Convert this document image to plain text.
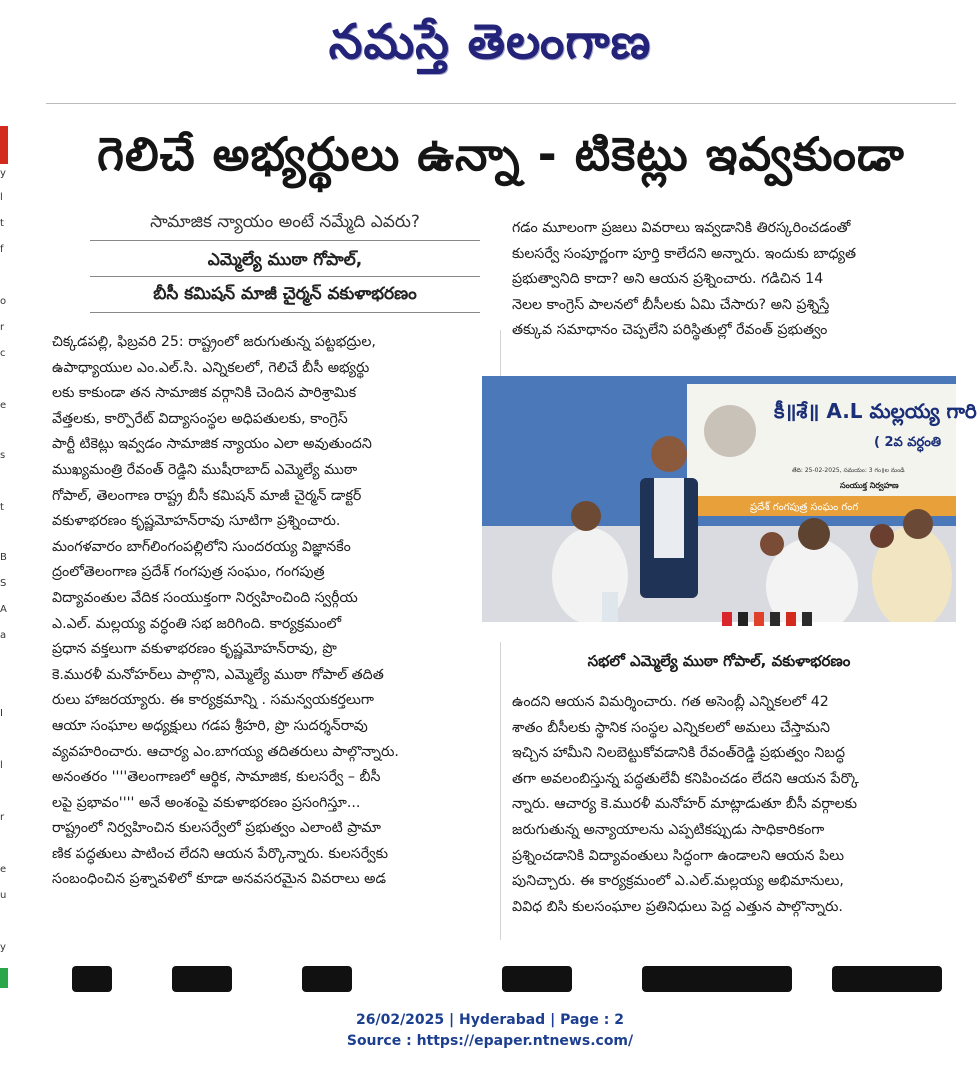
నమస్తే తెలంగాణ
y
l
t
f
o
r
c
e
s
t
B
S
A
a
I
l
r
e
u
y
గెలిచే అభ్యర్థులు ఉన్నా - టికెట్లు ఇవ్వకుండా
సామాజిక న్యాయం అంటే నమ్మేది ఎవరు?
ఎమ్మెల్యే ముఠా గోపాల్,
బీసీ కమిషన్ మాజీ చైర్మన్ వకుళాభరణం

చిక్కడపల్లి, ఫిబ్రవరి 25: రాష్ట్రంలో జరుగుతున్న పట్టభద్రుల,

ఉపాధ్యాయుల ఎం.ఎల్.సి. ఎన్నికలలో, గెలిచే బీసీ అభ్యర్థు

లకు కాకుండా తన సామాజిక వర్గానికి చెందిన పారిశ్రామిక

వేత్తలకు, కార్పొరేట్ విద్యాసంస్థల అధిపతులకు, కాంగ్రెస్

పార్టీ టికెట్లు ఇవ్వడం సామాజిక న్యాయం ఎలా అవుతుందని

ముఖ్యమంత్రి రేవంత్ రెడ్డిని ముషీరాబాద్ ఎమ్మెల్యే ముఠా

గోపాల్, తెలంగాణ రాష్ట్ర బీసీ కమిషన్ మాజీ చైర్మన్ డాక్టర్

వకుళాభరణం కృష్ణమోహన్‌రావు సూటిగా ప్రశ్నించారు.

మంగళవారం బాగ్‌లింగంపల్లిలోని సుందరయ్య విజ్ఞానకేం

ద్రంలోతెలంగాణ ప్రదేశ్ గంగపుత్ర సంఘం, గంగపుత్ర

విద్యావంతుల వేదిక సంయుక్తంగా నిర్వహించింది స్వర్గీయ

ఎ.ఎల్. మల్లయ్య వర్ధంతి సభ జరిగింది. కార్యక్రమంలో

ప్రధాన వక్తలుగా వకుళాభరణం కృష్ణమోహన్‌రావు, ప్రొ

కె.మురళీ మనోహర్‌లు పాల్గొని, ఎమ్మెల్యే ముఠా గోపాల్ తదిత

రులు హాజరయ్యారు. ఈ కార్యక్రమాన్ని . సమన్వయకర్తలుగా

ఆయా సంఘాల అధ్యక్షులు గడప శ్రీహరి, ప్రొ సుదర్శన్‌రావు

వ్యవహరించారు. ఆచార్య ఎం.బాగయ్య తదితరులు పాల్గొన్నారు.

అనంతరం ''''తెలంగాణలో ఆర్థిక, సామాజిక, కులసర్వే – బీసీ

లపై ప్రభావం'''' అనే అంశంపై వకుళాభరణం ప్రసంగిస్తూ...

రాష్ట్రంలో నిర్వహించిన కులసర్వేలో ప్రభుత్వం ఎలాంటి ప్రామా

ణిక పద్ధతులు పాటించ లేదని ఆయన పేర్కొన్నారు. కులసర్వేకు

సంబంధించిన ప్రశ్నావళిలో కూడా అనవసరమైన వివరాలు అడ

గడం మూలంగా ప్రజలు వివరాలు ఇవ్వడానికి తిరస్కరించడంతో

కులసర్వే సంపూర్ణంగా పూర్తి కాలేదని అన్నారు. ఇందుకు బాధ్యత

ప్రభుత్వానిది కాదా? అని ఆయన ప్రశ్నించారు. గడిచిన 14

నెలల కాంగ్రెస్ పాలనలో బీసీలకు ఏమి చేసారు? అని ప్రశ్నిస్తే

తక్కువ సమాధానం చెప్పలేని పరిస్థితుల్లో రేవంత్ ప్రభుత్వం

కీ॥శే॥ A.L మల్లయ్య గారి
( 2వ వర్ధంతి
తేది: 25-02-2025, సమయం: 3 గం॥ల నుండి
సంయుక్త నిర్వహణ
ప్రదేశ్ గంగపుత్ర సంఘం గంగ
సభలో ఎమ్మెల్యే ముఠా గోపాల్, వకుళాభరణం

ఉందని ఆయన విమర్శించారు. గత అసెంబ్లీ ఎన్నికలలో 42

శాతం బీసీలకు స్థానిక సంస్థల ఎన్నికలలో అమలు చేస్తామని

ఇచ్చిన హామీని నిలబెట్టుకోవడానికి రేవంత్‌రెడ్డి ప్రభుత్వం నిబద్ధ

తగా అవలంబిస్తున్న పద్ధతులేవీ కనిపించడం లేదని ఆయన పేర్కొ

న్నారు. ఆచార్య కె.మురళీ మనోహర్ మాట్లాడుతూ బీసీ వర్గాలకు

జరుగుతున్న అన్యాయాలను ఎప్పటికప్పుడు సాధికారికంగా

ప్రశ్నించడానికి విద్యావంతులు సిద్ధంగా ఉండాలని ఆయన పిలు

పునిచ్చారు. ఈ కార్యక్రమంలో ఎ.ఎల్.మల్లయ్య అభిమానులు,

వివిధ బిసి కులసంఘాల ప్రతినిధులు పెద్ద ఎత్తున పాల్గొన్నారు.

26/02/2025 | Hyderabad | Page : 2
Source : https://epaper.ntnews.com/
